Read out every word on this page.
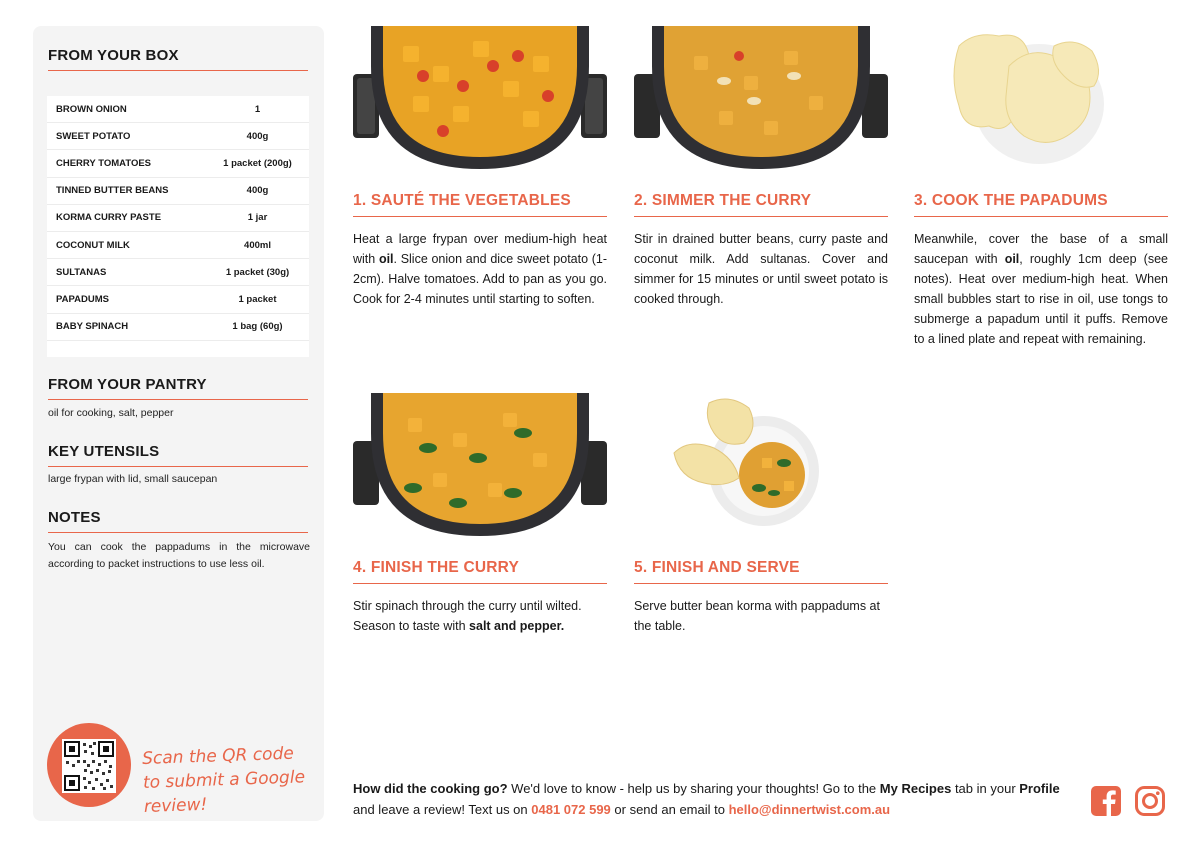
FROM YOUR BOX
BROWN ONION	1
SWEET POTATO	400g
CHERRY TOMATOES	1 packet (200g)
TINNED BUTTER BEANS	400g
KORMA CURRY PASTE	1 jar
COCONUT MILK	400ml
SULTANAS	1 packet (30g)
PAPADUMS	1 packet
BABY SPINACH	1 bag (60g)
FROM YOUR PANTRY
oil for cooking, salt, pepper
KEY UTENSILS
large frypan with lid, small saucepan
NOTES
You can cook the pappadums in the microwave according to packet instructions to use less oil.
Scan the QR code to submit a Google review!
1. SAUTÉ THE VEGETABLES
Heat a large frypan over medium-high heat with oil. Slice onion and dice sweet potato (1-2cm). Halve tomatoes. Add to pan as you go. Cook for 2-4 minutes until starting to soften.
2. SIMMER THE CURRY
Stir in drained butter beans, curry paste and coconut milk. Add sultanas. Cover and simmer for 15 minutes or until sweet potato is cooked through.
3. COOK THE PAPADUMS
Meanwhile, cover the base of a small saucepan with oil, roughly 1cm deep (see notes). Heat over medium-high heat. When small bubbles start to rise in oil, use tongs to submerge a papadum until it puffs. Remove to a lined plate and repeat with remaining.
4. FINISH THE CURRY
Stir spinach through the curry until wilted. Season to taste with salt and pepper.
5. FINISH AND SERVE
Serve butter bean korma with pappadums at the table.
How did the cooking go? We'd love to know - help us by sharing your thoughts! Go to the My Recipes tab in your Profile and leave a review! Text us on 0481 072 599 or send an email to hello@dinnertwist.com.au
